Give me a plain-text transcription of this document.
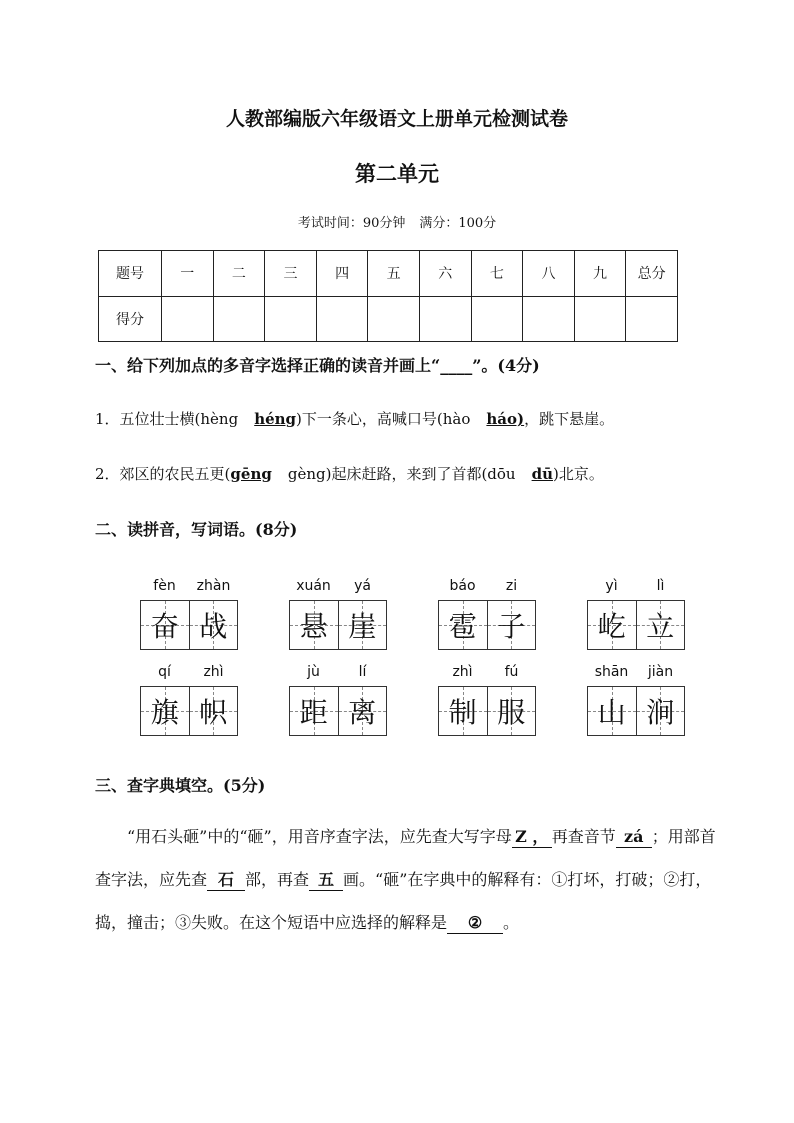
人教部编版六年级语文上册单元检测试卷
第二单元
考试时间：90分钟 满分：100分
题号	一	二	三	四	五	六	七	八	九	总分
得分										
一、给下列加点的多音字选择正确的读音并画上“____”。(4分)
1．五位壮士横(hèng héng)下一条心，高喊口号(hào háo)，跳下悬崖。
2．郊区的农民五更(gēng gèng)起床赶路，来到了首都(dōu dū)北京。
二、读拼音，写词语。(8分)
fèn	zhàn
奋 战
xuán	yá
悬 崖
báo	zi
雹 子
yì	lì
屹 立
qí	zhì
旗 帜
jù	lí
距 离
zhì	fú
制 服
shān	jiàn
山 涧
三、查字典填空。(5分)
“用石头砸”中的“砸”，用音序查字法，应先查大写字母 Z ， 再查音节 zá ；用部首查字法，应先查 石 部，再查 五 画。“砸”在字典中的解释有：①打坏，打破；②打，捣，撞击；③失败。在这个短语中应选择的解释是 ② 。
